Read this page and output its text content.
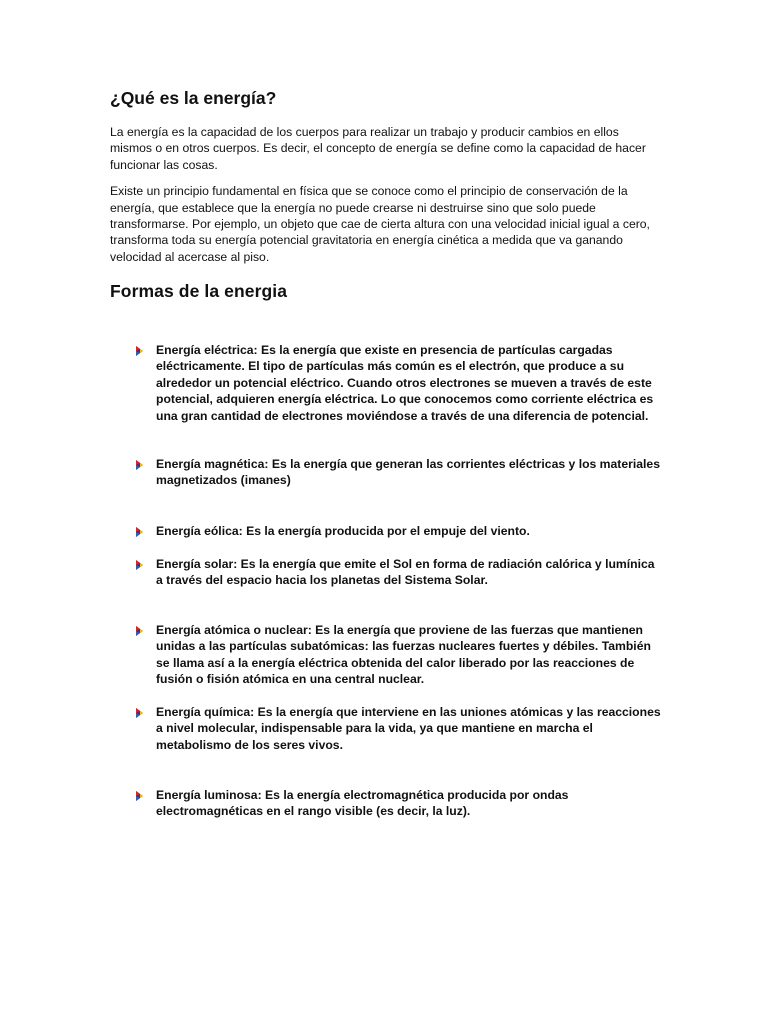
¿Qué es la energía?

La energía es la capacidad de los cuerpos para realizar un trabajo y producir cambios en ellos mismos o en otros cuerpos. Es decir, el concepto de energía se define como la capacidad de hacer funcionar las cosas.

Existe un principio fundamental en física que se conoce como el principio de conservación de la energía, que establece que la energía no puede crearse ni destruirse sino que solo puede transformarse. Por ejemplo, un objeto que cae de cierta altura con una velocidad inicial igual a cero, transforma toda su energía potencial gravitatoria en energía cinética a medida que va ganando velocidad al acercase al piso.

Formas de la energia
Energía eléctrica: Es la energía que existe en presencia de partículas cargadas eléctricamente. El tipo de partículas más común es el electrón, que produce a su alrededor un potencial eléctrico. Cuando otros electrones se mueven a través de este potencial, adquieren energía eléctrica. Lo que conocemos como corriente eléctrica es una gran cantidad de electrones moviéndose a través de una diferencia de potencial.
Energía magnética: Es la energía que generan las corrientes eléctricas y los materiales magnetizados (imanes)
Energía eólica: Es la energía producida por el empuje del viento.
Energía solar: Es la energía que emite el Sol en forma de radiación calórica y lumínica a través del espacio hacia los planetas del Sistema Solar.
Energía atómica o nuclear: Es la energía que proviene de las fuerzas que mantienen unidas a las partículas subatómicas: las fuerzas nucleares fuertes y débiles. También se llama así a la energía eléctrica obtenida del calor liberado por las reacciones de fusión o fisión atómica en una central nuclear.
Energía química: Es la energía que interviene en las uniones atómicas y las reacciones a nivel molecular, indispensable para la vida, ya que mantiene en marcha el metabolismo de los seres vivos.
Energía luminosa: Es la energía electromagnética producida por ondas electromagnéticas en el rango visible (es decir, la luz).
